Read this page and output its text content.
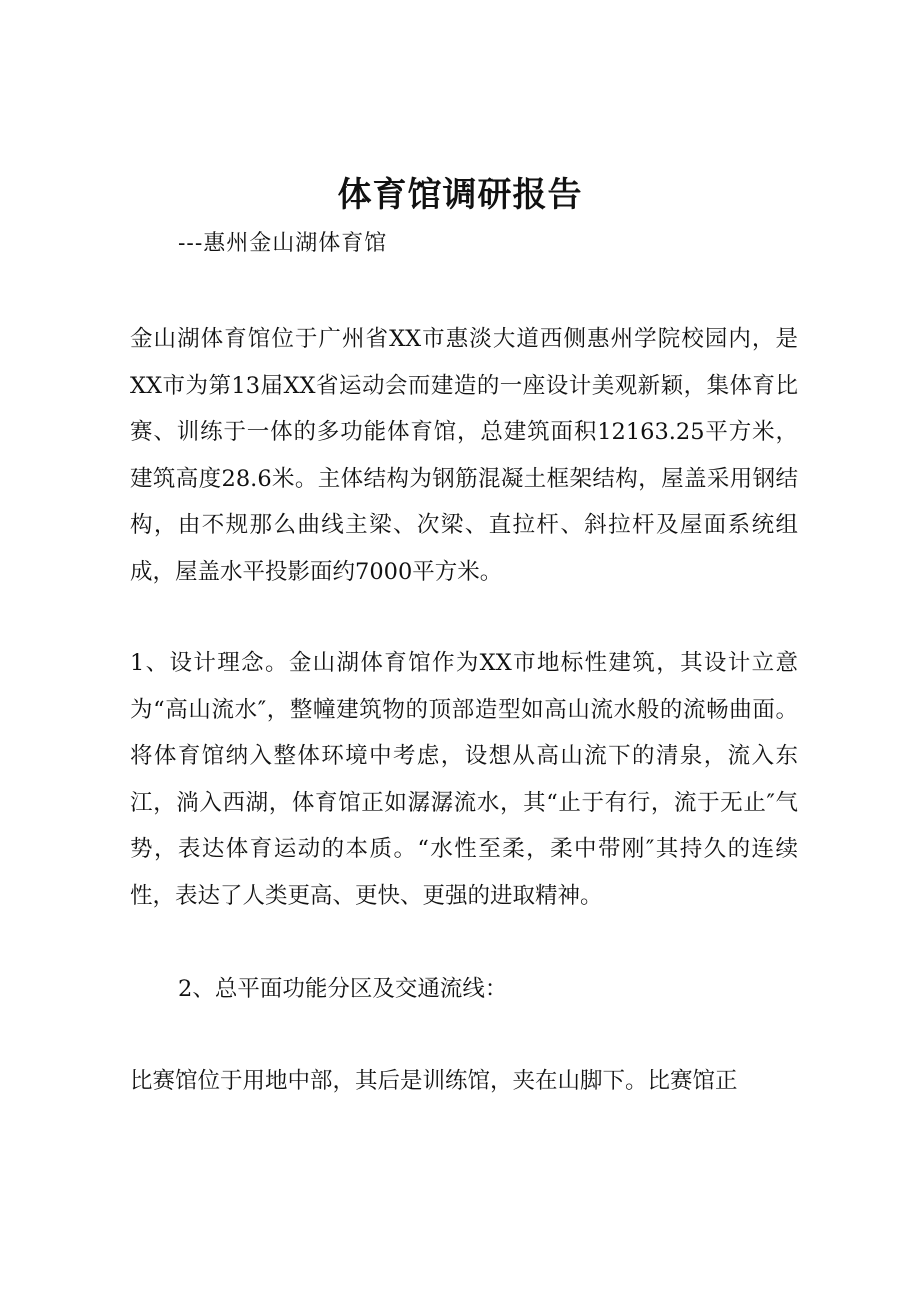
体育馆调研报告
---惠州金山湖体育馆

金山湖体育馆位于广州省XX市惠淡大道西侧惠州学院校园内，是XX市为第13届XX省运动会而建造的一座设计美观新颖，集体育比赛、训练于一体的多功能体育馆，总建筑面积12163.25平方米，建筑高度28.6米。主体结构为钢筋混凝土框架结构，屋盖采用钢结构，由不规那么曲线主梁、次梁、直拉杆、斜拉杆及屋面系统组成，屋盖水平投影面约7000平方米。

1、设计理念。金山湖体育馆作为XX市地标性建筑，其设计立意为“高山流水″，整幢建筑物的顶部造型如高山流水般的流畅曲面。将体育馆纳入整体环境中考虑，设想从高山流下的清泉，流入东江，淌入西湖，体育馆正如潺潺流水，其“止于有行，流于无止″气势，表达体育运动的本质。“水性至柔，柔中带刚″其持久的连续性，表达了人类更高、更快、更强的进取精神。

2、总平面功能分区及交通流线：

比赛馆位于用地中部，其后是训练馆，夹在山脚下。比赛馆正
